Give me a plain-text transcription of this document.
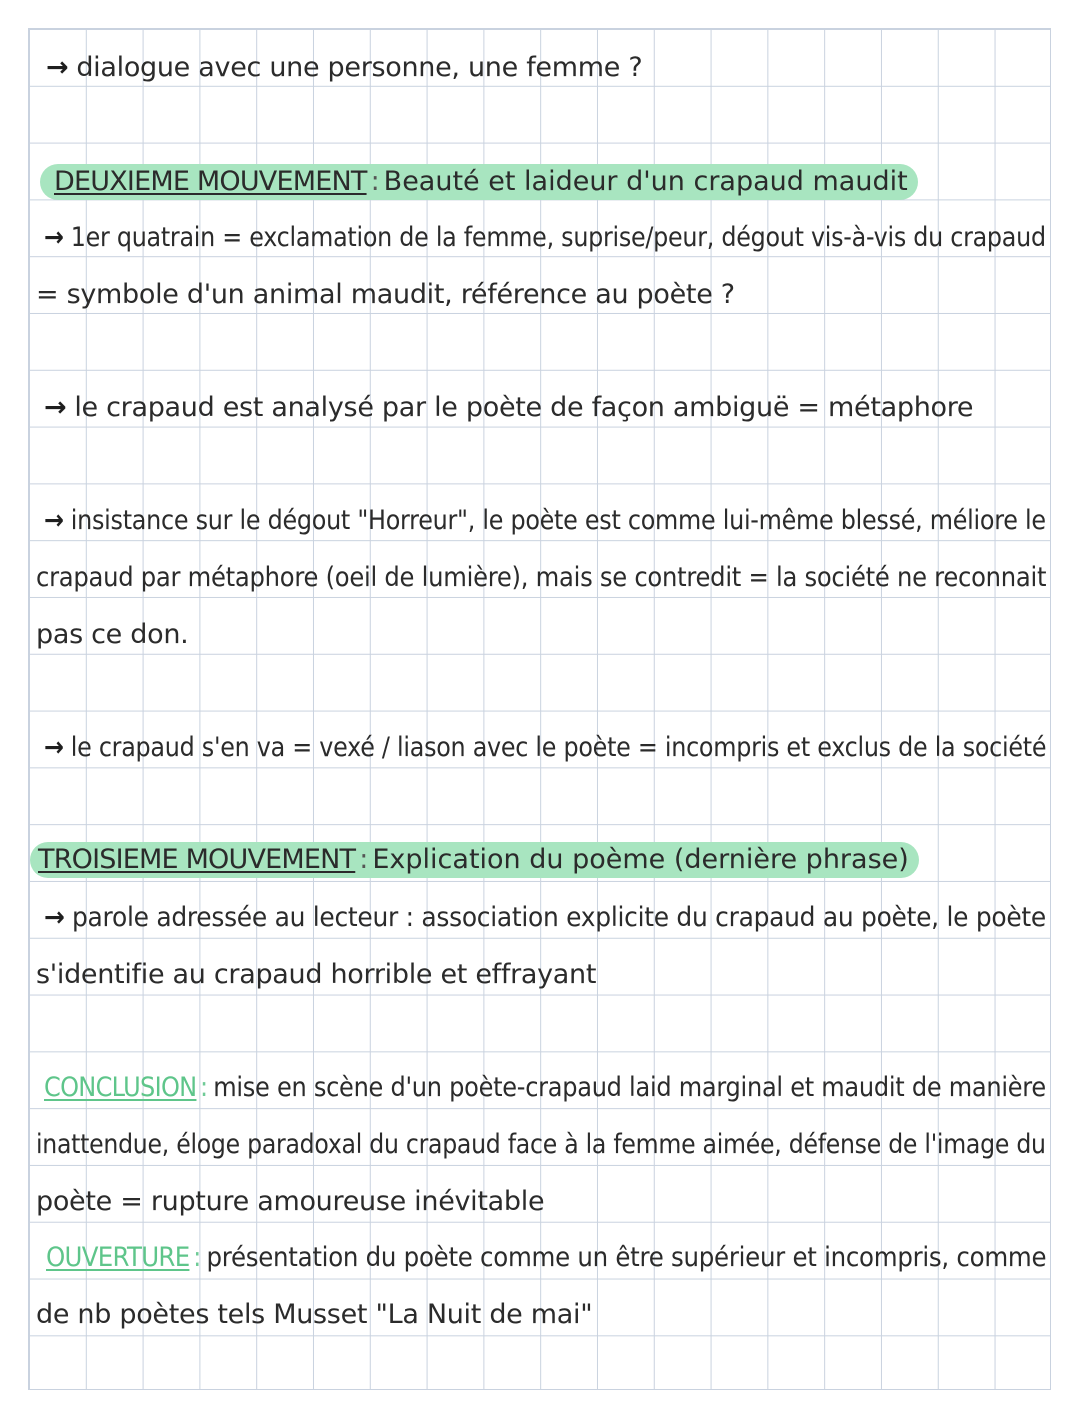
→ dialogue avec une personne, une femme ?
DEUXIEME MOUVEMENT : Beauté et laideur d'un crapaud maudit
→ 1er quatrain = exclamation de la femme, suprise/peur, dégout vis-à-vis du crapaud
= symbole d'un animal maudit, référence au poète ?
→ le crapaud est analysé par le poète de façon ambiguë = métaphore
→ insistance sur le dégout "Horreur", le poète est comme lui-même blessé, méliore le
crapaud par métaphore (oeil de lumière), mais se contredit = la société ne reconnait
pas ce don.
→ le crapaud s'en va = vexé / liason avec le poète = incompris et exclus de la société
TROISIEME MOUVEMENT : Explication du poème (dernière phrase)
→ parole adressée au lecteur : association explicite du crapaud au poète, le poète
s'identifie au crapaud horrible et effrayant
CONCLUSION : mise en scène d'un poète-crapaud laid marginal et maudit de manière
inattendue, éloge paradoxal du crapaud face à la femme aimée, défense de l'image du
poète = rupture amoureuse inévitable
OUVERTURE : présentation du poète comme un être supérieur et incompris, comme
de nb poètes tels Musset "La Nuit de mai"
